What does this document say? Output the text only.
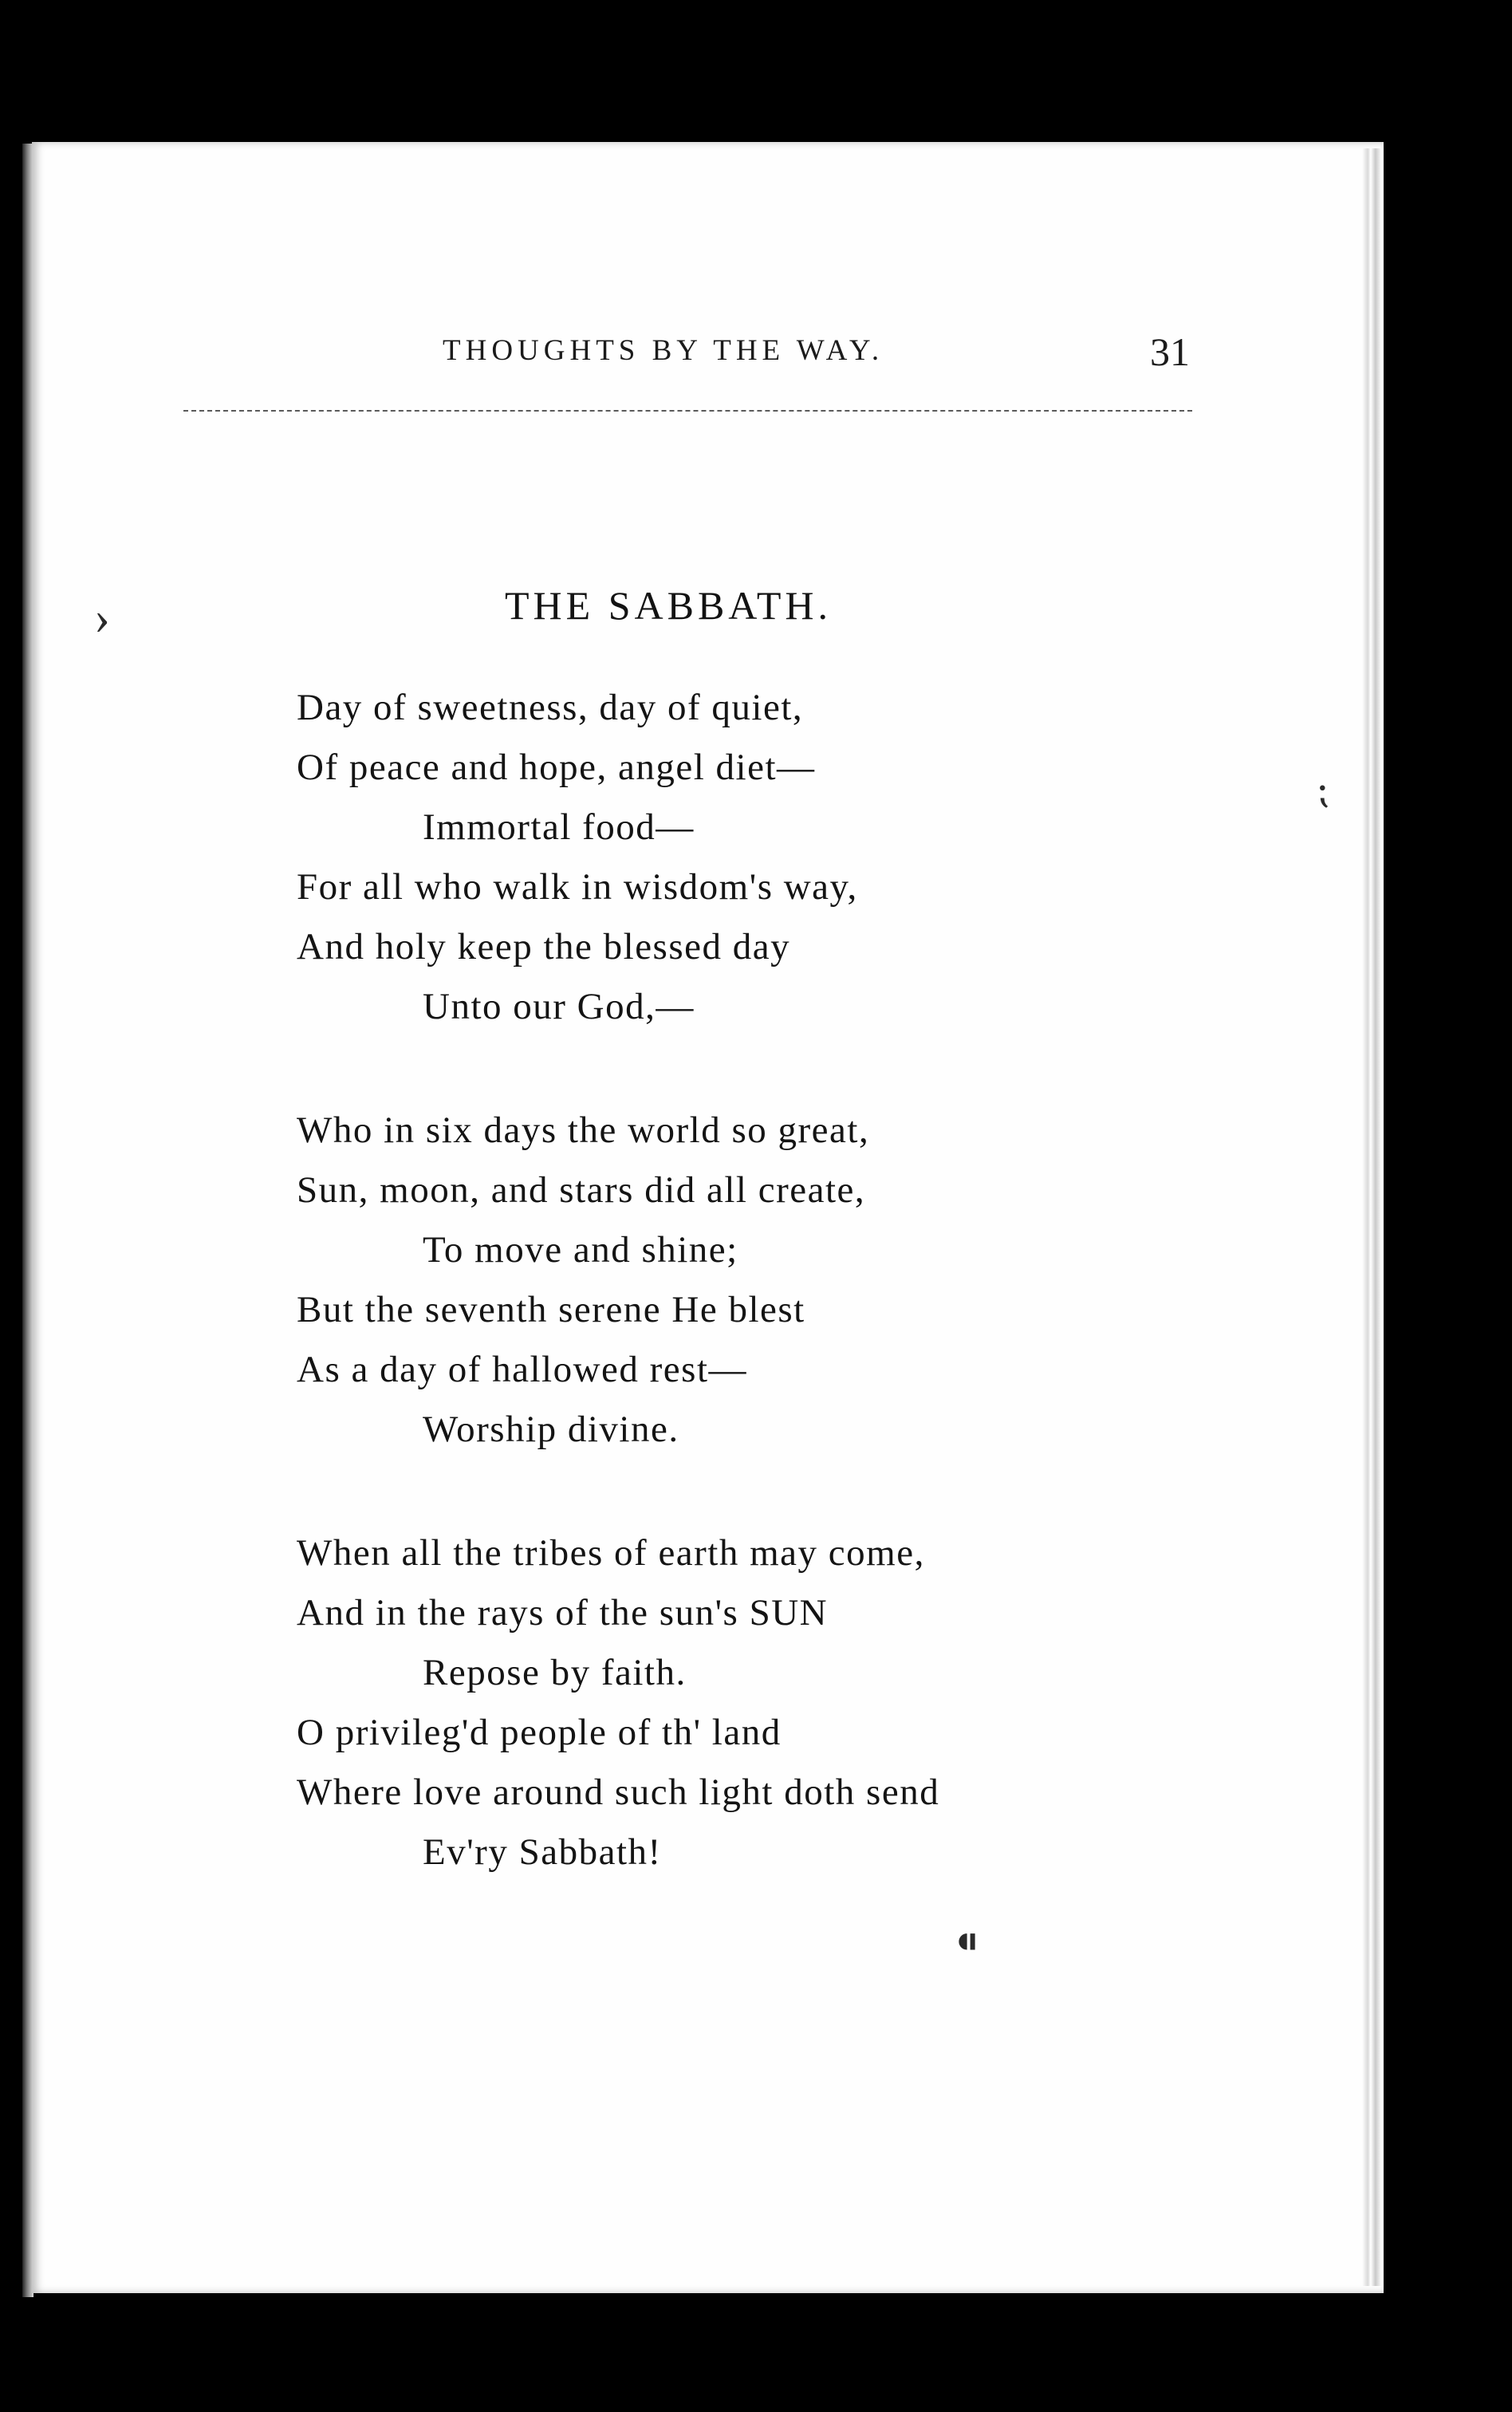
THOUGHTS BY THE WAY.	31
THE SABBATH.
Day of sweetness, day of quiet,
Of peace and hope, angel diet—
Immortal food—
For all who walk in wisdom's way,
And holy keep the blessed day
Unto our God,—
Who in six days the world so great,
Sun, moon, and stars did all create,
To move and shine;
But the seventh serene He blest
As a day of hallowed rest—
Worship divine.
When all the tribes of earth may come,
And in the rays of the sun's SUN
Repose by faith.
O privileg'd people of th' land
Where love around such light doth send
Ev'ry Sabbath!
›
⁏
⁌
